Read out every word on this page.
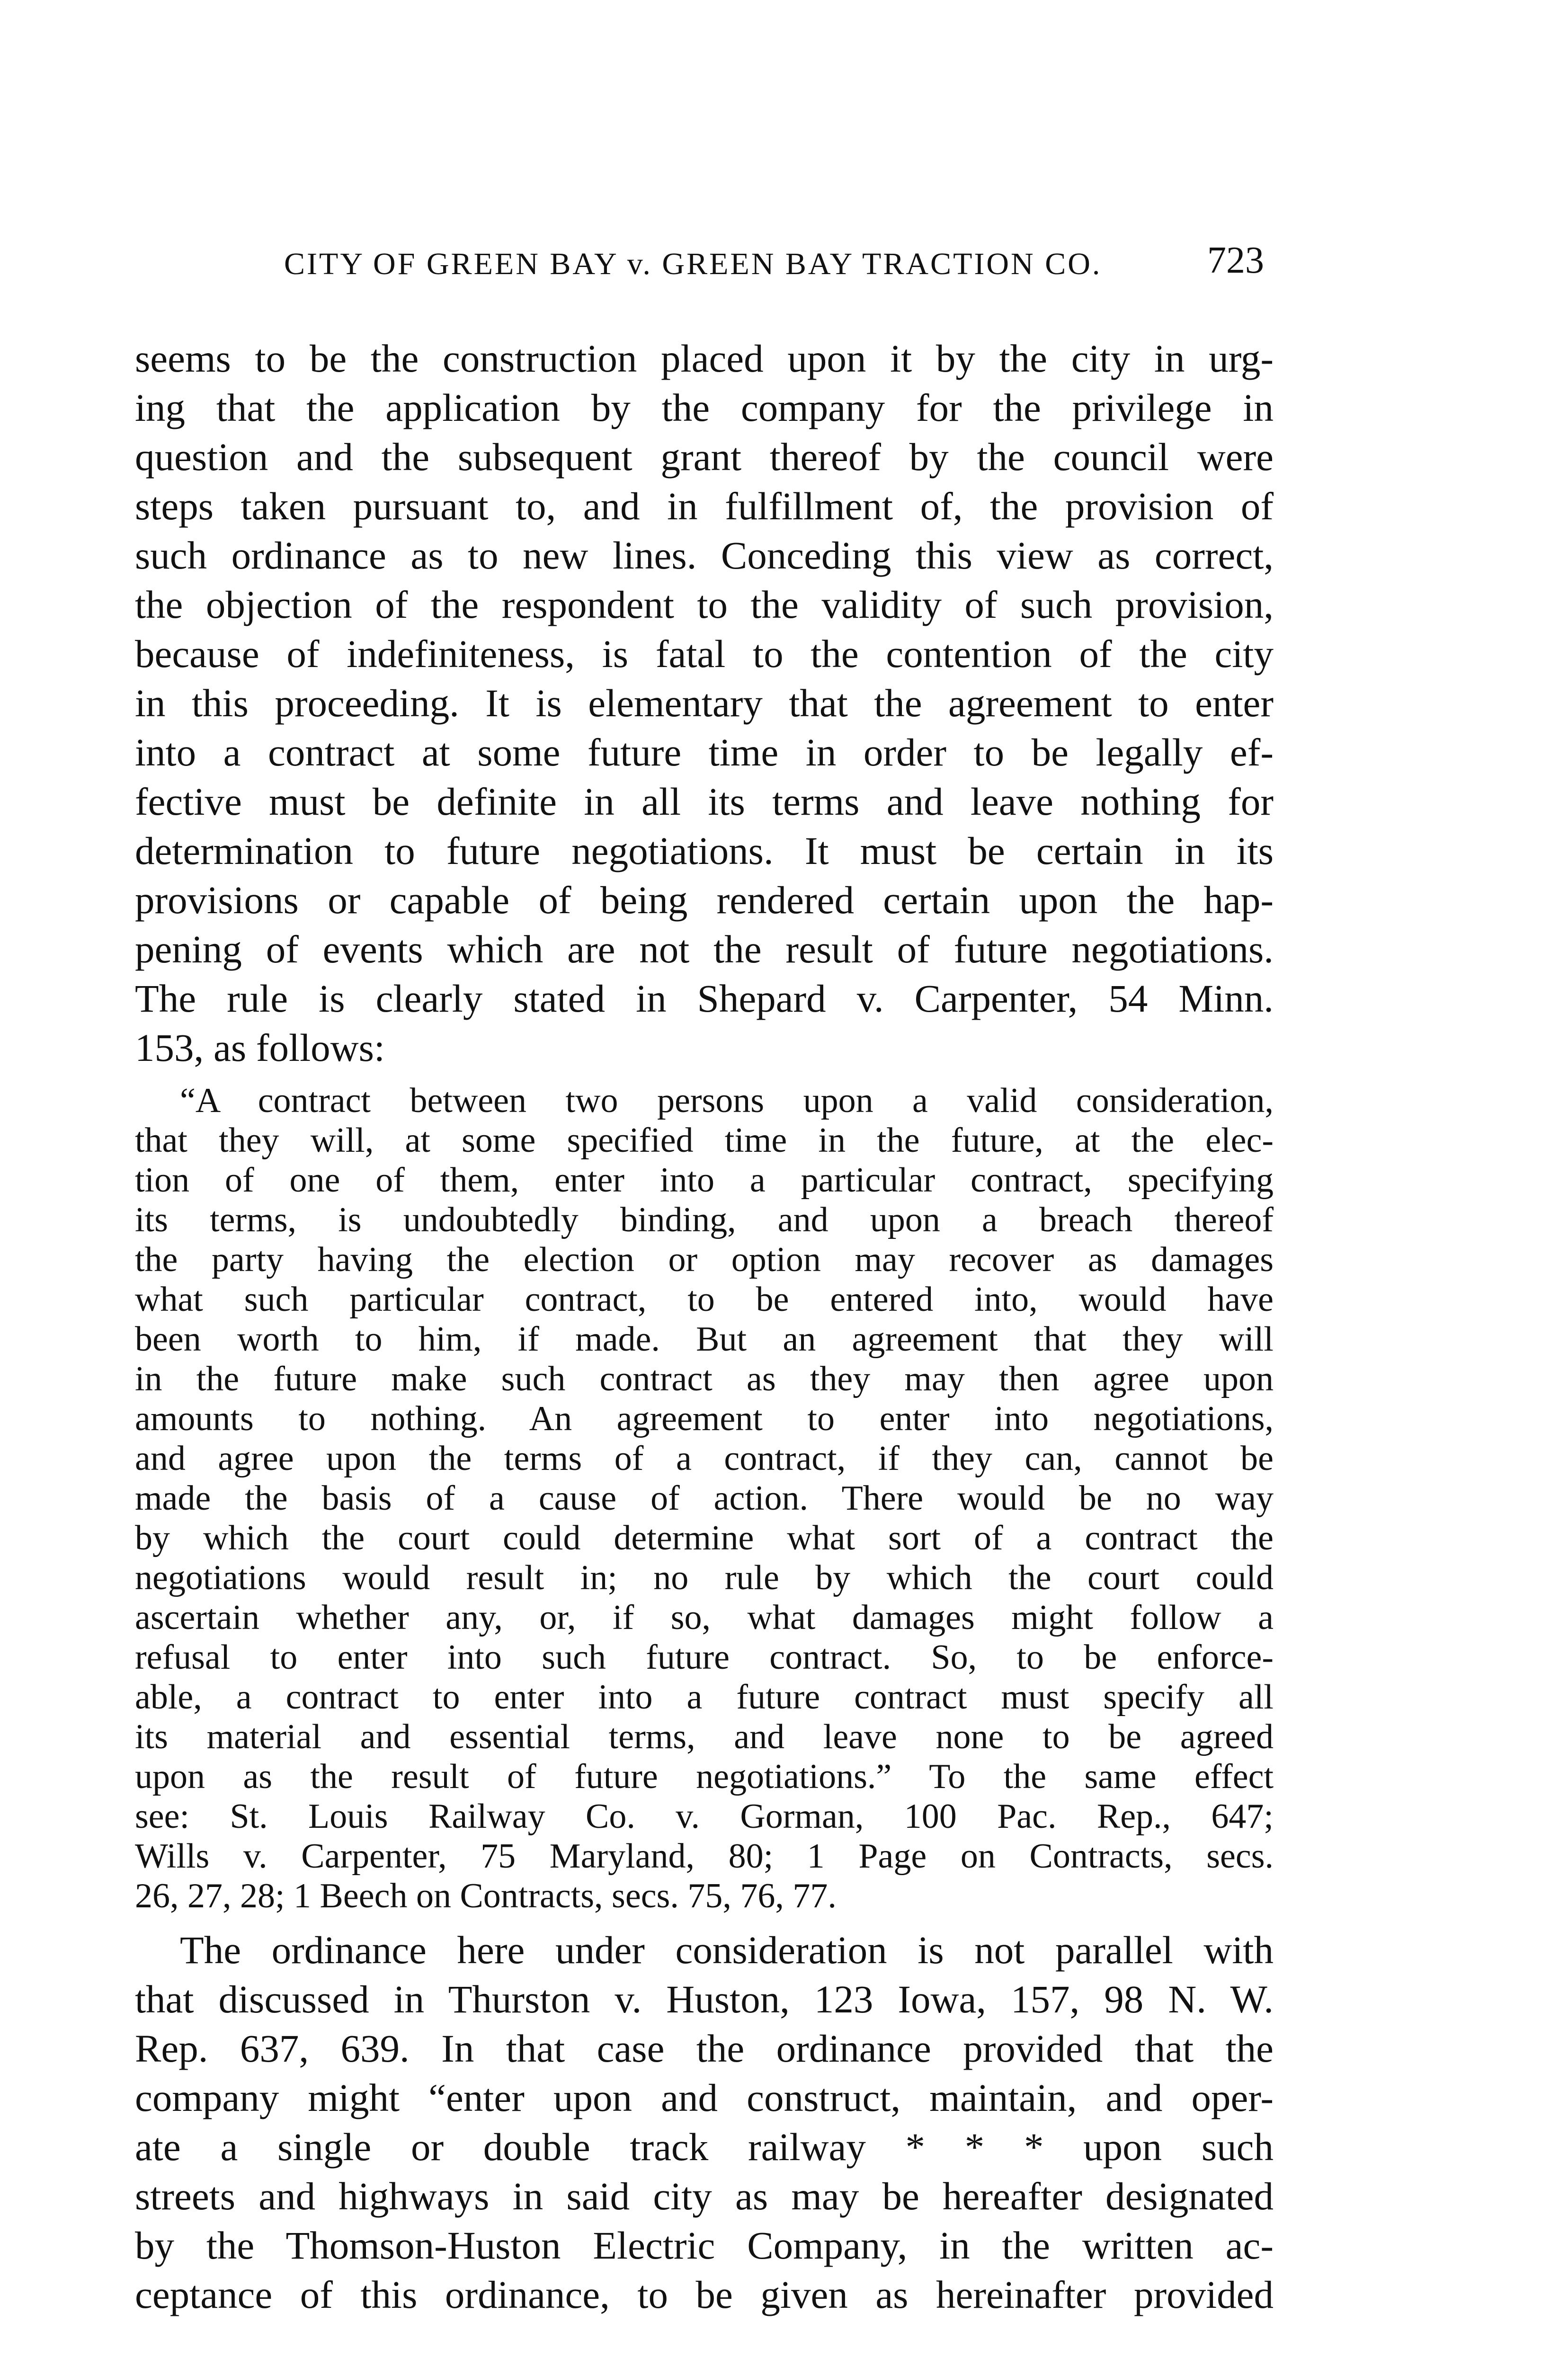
CITY OF GREEN BAY v. GREEN BAY TRACTION CO.	723

seems to be the construction placed upon it by the city in urg-
ing that the application by the company for the privilege in
question and the subsequent grant thereof by the council were
steps taken pursuant to, and in fulfillment of, the provision of
such ordinance as to new lines. Conceding this view as correct,
the objection of the respondent to the validity of such provision,
because of indefiniteness, is fatal to the contention of the city
in this proceeding. It is elementary that the agreement to enter
into a contract at some future time in order to be legally ef-
fective must be definite in all its terms and leave nothing for
determination to future negotiations. It must be certain in its
provisions or capable of being rendered certain upon the hap-
pening of events which are not the result of future negotiations.
The rule is clearly stated in Shepard v. Carpenter, 54 Minn.
153, as follows:

“A contract between two persons upon a valid consideration,
that they will, at some specified time in the future, at the elec-
tion of one of them, enter into a particular contract, specifying
its terms, is undoubtedly binding, and upon a breach thereof
the party having the election or option may recover as damages
what such particular contract, to be entered into, would have
been worth to him, if made. But an agreement that they will
in the future make such contract as they may then agree upon
amounts to nothing. An agreement to enter into negotiations,
and agree upon the terms of a contract, if they can, cannot be
made the basis of a cause of action. There would be no way
by which the court could determine what sort of a contract the
negotiations would result in; no rule by which the court could
ascertain whether any, or, if so, what damages might follow a
refusal to enter into such future contract. So, to be enforce-
able, a contract to enter into a future contract must specify all
its material and essential terms, and leave none to be agreed
upon as the result of future negotiations.” To the same effect
see: St. Louis Railway Co. v. Gorman, 100 Pac. Rep., 647;
Wills v. Carpenter, 75 Maryland, 80; 1 Page on Contracts, secs.
26, 27, 28; 1 Beech on Contracts, secs. 75, 76, 77.

The ordinance here under consideration is not parallel with
that discussed in Thurston v. Huston, 123 Iowa, 157, 98 N. W.
Rep. 637, 639. In that case the ordinance provided that the
company might “enter upon and construct, maintain, and oper-
ate a single or double track railway * * * upon such
streets and highways in said city as may be hereafter designated
by the Thomson-Huston Electric Company, in the written ac-
ceptance of this ordinance, to be given as hereinafter provided
